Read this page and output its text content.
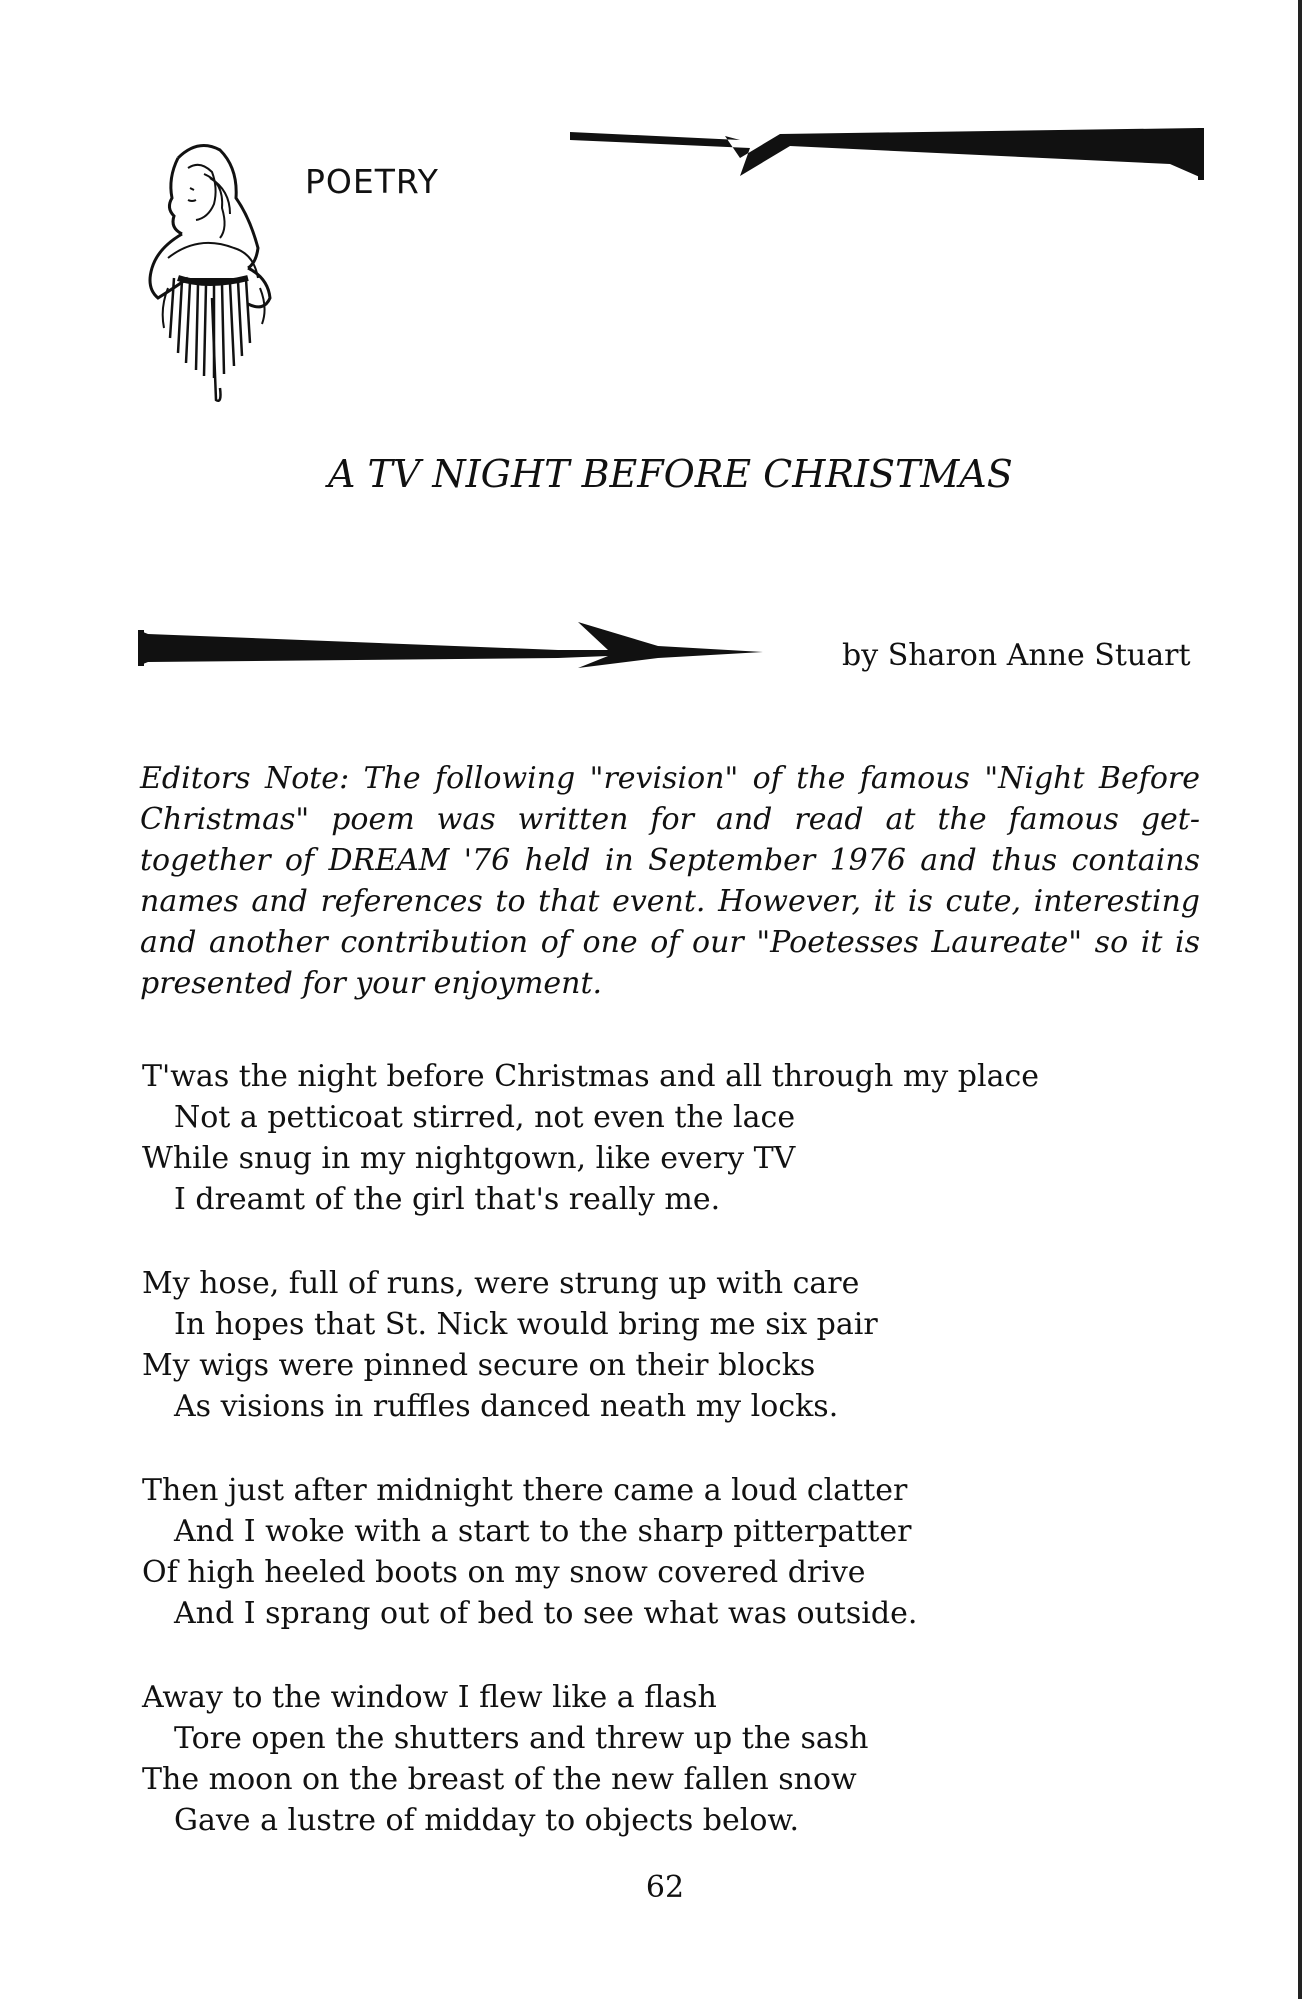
POETRY
A TV NIGHT BEFORE CHRISTMAS
by Sharon Anne Stuart
Editors Note: The following "revision" of the famous "Night Before Christmas" poem was written for and read at the famous get-together of DREAM '76 held in September 1976 and thus contains names and references to that event. However, it is cute, interesting and another contribution of one of our "Poetesses Laureate" so it is presented for your enjoyment.
T'was the night before Christmas and all through my place
Not a petticoat stirred, not even the lace
While snug in my nightgown, like every TV
I dreamt of the girl that's really me.
My hose, full of runs, were strung up with care
In hopes that St. Nick would bring me six pair
My wigs were pinned secure on their blocks
As visions in ruffles danced neath my locks.
Then just after midnight there came a loud clatter
And I woke with a start to the sharp pitterpatter
Of high heeled boots on my snow covered drive
And I sprang out of bed to see what was outside.
Away to the window I flew like a flash
Tore open the shutters and threw up the sash
The moon on the breast of the new fallen snow
Gave a lustre of midday to objects below.
62
